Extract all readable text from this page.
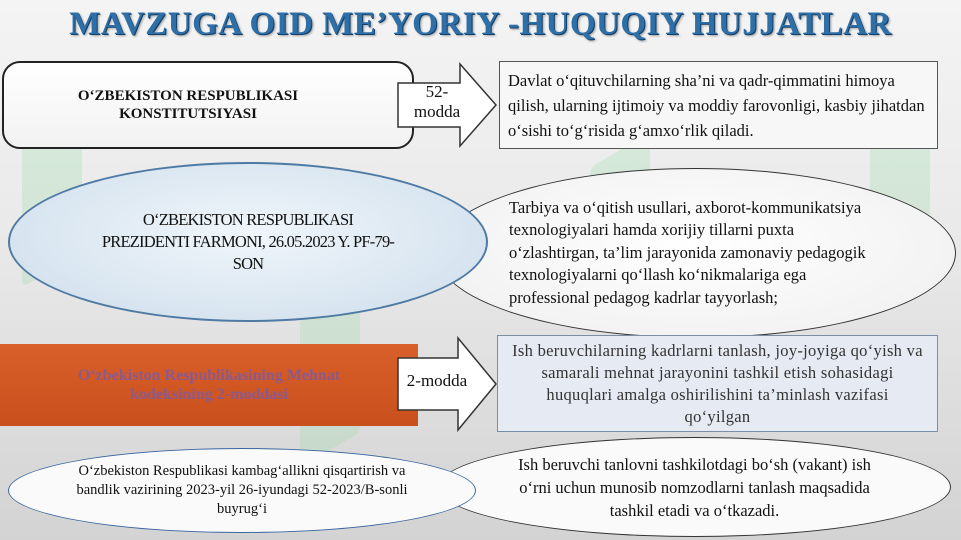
MAVZUGA OID ME’YORIY -HUQUQIY HUJJATLAR
O‘ZBEKISTON RESPUBLIKASI KONSTITUTSIYASI
52-modda
Davlat o‘qituvchilarning sha’ni va qadr-qimmatini himoya qilish, ularning ijtimoiy va moddiy farovonligi, kasbiy jihatdan o‘sishi to‘g‘risida g‘amxo‘rlik qiladi.
Tarbiya va o‘qitish usullari, axborot-kommunikatsiya texnologiyalari hamda xorijiy tillarni puxta o‘zlashtirgan, ta’lim jarayonida zamonaviy pedagogik texnologiyalarni qo‘llash ko‘nikmalariga ega professional pedagog kadrlar tayyorlash;
O‘ZBEKISTON RESPUBLIKASI PREZIDENTI FARMONI, 26.05.2023 Y. PF-79-SON
O‘zbekiston Respublikasining Mehnat kodeksining 2-moddasi
2-modda
Ish beruvchilarning kadrlarni tanlash, joy-joyiga qo‘yish va samarali mehnat jarayonini tashkil etish sohasidagi huquqlari amalga oshirilishini ta’minlash vazifasi qo‘yilgan
Ish beruvchi tanlovni tashkilotdagi bo‘sh (vakant) ish o‘rni uchun munosib nomzodlarni tanlash maqsadida tashkil etadi va o‘tkazadi.
O‘zbekiston Respublikasi kambag‘allikni qisqartirish va bandlik vazirining 2023-yil 26-iyundagi 52-2023/B-sonli buyrug‘i
